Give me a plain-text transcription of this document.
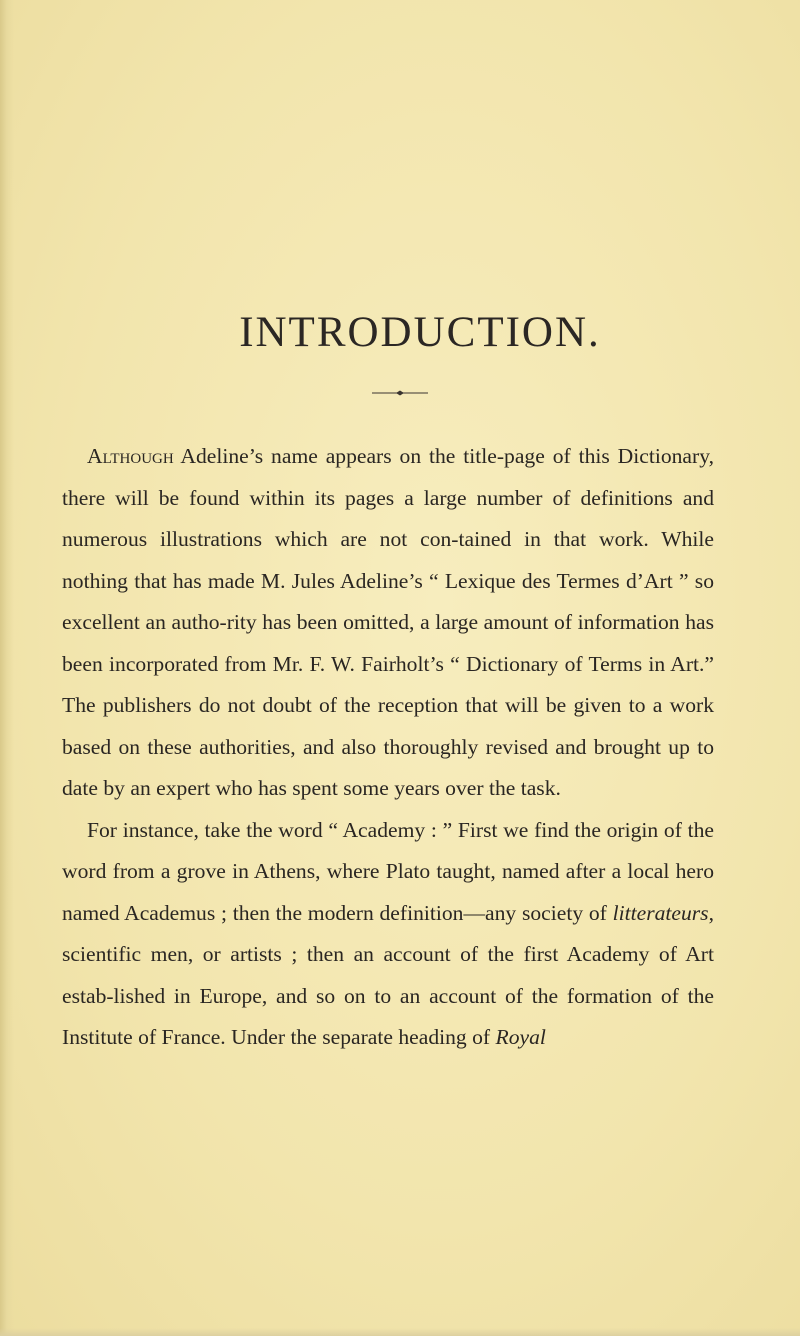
INTRODUCTION.

Although Adeline’s name appears on the title-page of this Dictionary, there will be found within its pages a large number of definitions and numerous illustrations which are not con-tained in that work. While nothing that has made M. Jules Adeline’s “ Lexique des Termes d’Art ” so excellent an autho-rity has been omitted, a large amount of information has been incorporated from Mr. F. W. Fairholt’s “ Dictionary of Terms in Art.” The publishers do not doubt of the reception that will be given to a work based on these authorities, and also thoroughly revised and brought up to date by an expert who has spent some years over the task.

For instance, take the word “ Academy : ” First we find the origin of the word from a grove in Athens, where Plato taught, named after a local hero named Academus ; then the modern definition—any society of litterateurs, scientific men, or artists ; then an account of the first Academy of Art estab-lished in Europe, and so on to an account of the formation of the Institute of France. Under the separate heading of Royal
